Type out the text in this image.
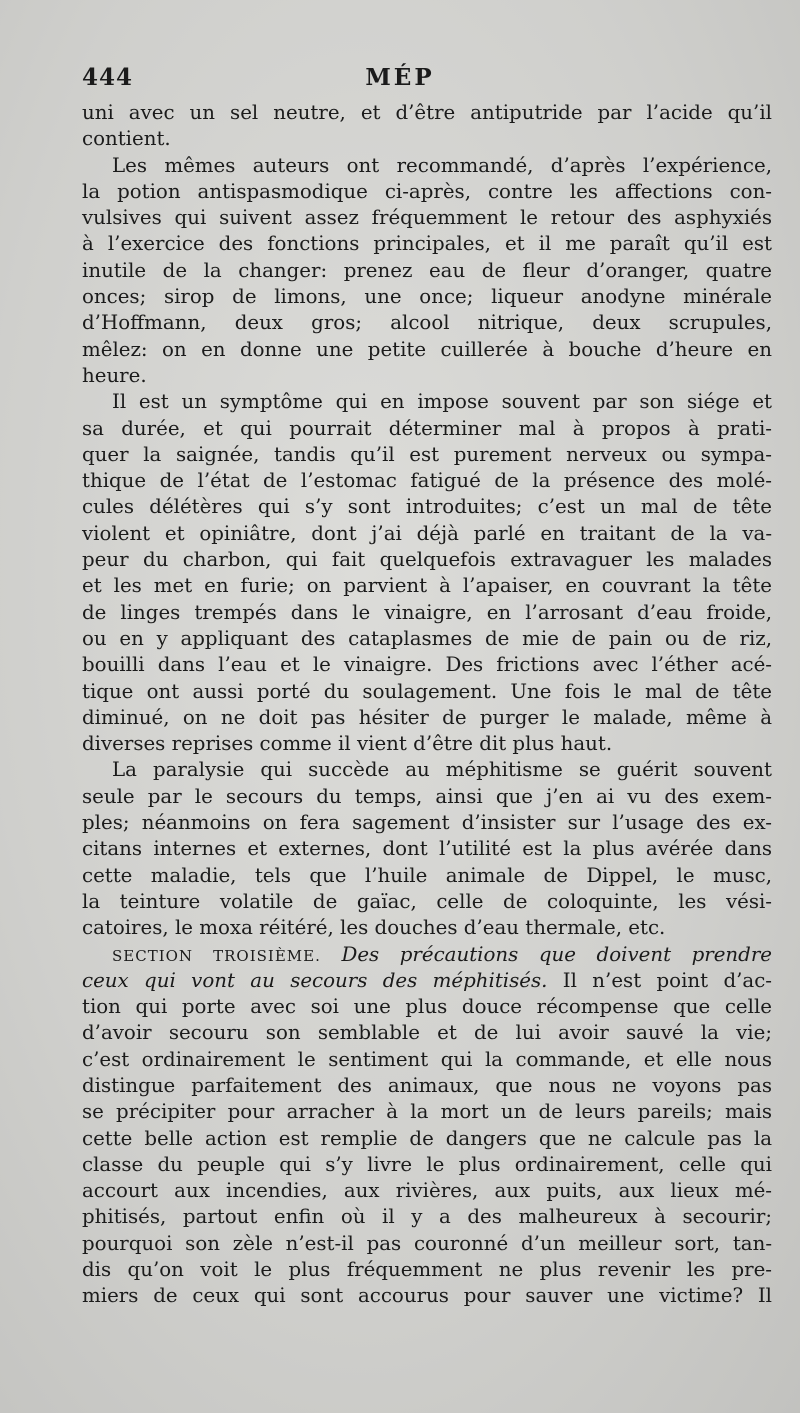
444	MÉP
uni avec un sel neutre, et d’être antiputride par l’acide qu’il
contient.
Les mêmes auteurs ont recommandé, d’après l’expérience,
la potion antispasmodique ci-après, contre les affections con-
vulsives qui suivent assez fréquemment le retour des asphyxiés
à l’exercice des fonctions principales, et il me paraît qu’il est
inutile de la changer: prenez eau de fleur d’oranger, quatre
onces; sirop de limons, une once; liqueur anodyne minérale
d’Hoffmann, deux gros; alcool nitrique, deux scrupules,
mêlez: on en donne une petite cuillerée à bouche d’heure en
heure.
Il est un symptôme qui en impose souvent par son siége et
sa durée, et qui pourrait déterminer mal à propos à prati-
quer la saignée, tandis qu’il est purement nerveux ou sympa-
thique de l’état de l’estomac fatigué de la présence des molé-
cules délétères qui s’y sont introduites; c’est un mal de tête
violent et opiniâtre, dont j’ai déjà parlé en traitant de la va-
peur du charbon, qui fait quelquefois extravaguer les malades
et les met en furie; on parvient à l’apaiser, en couvrant la tête
de linges trempés dans le vinaigre, en l’arrosant d’eau froide,
ou en y appliquant des cataplasmes de mie de pain ou de riz,
bouilli dans l’eau et le vinaigre. Des frictions avec l’éther acé-
tique ont aussi porté du soulagement. Une fois le mal de tête
diminué, on ne doit pas hésiter de purger le malade, même à
diverses reprises comme il vient d’être dit plus haut.
La paralysie qui succède au méphitisme se guérit souvent
seule par le secours du temps, ainsi que j’en ai vu des exem-
ples; néanmoins on fera sagement d’insister sur l’usage des ex-
citans internes et externes, dont l’utilité est la plus avérée dans
cette maladie, tels que l’huile animale de Dippel, le musc,
la teinture volatile de gaïac, celle de coloquinte, les vési-
catoires, le moxa réitéré, les douches d’eau thermale, etc.
SECTION TROISIÈME. Des précautions que doivent prendre
ceux qui vont au secours des méphitisés. Il n’est point d’ac-
tion qui porte avec soi une plus douce récompense que celle
d’avoir secouru son semblable et de lui avoir sauvé la vie;
c’est ordinairement le sentiment qui la commande, et elle nous
distingue parfaitement des animaux, que nous ne voyons pas
se précipiter pour arracher à la mort un de leurs pareils; mais
cette belle action est remplie de dangers que ne calcule pas la
classe du peuple qui s’y livre le plus ordinairement, celle qui
accourt aux incendies, aux rivières, aux puits, aux lieux mé-
phitisés, partout enfin où il y a des malheureux à secourir;
pourquoi son zèle n’est-il pas couronné d’un meilleur sort, tan-
dis qu’on voit le plus fréquemment ne plus revenir les pre-
miers de ceux qui sont accourus pour sauver une victime? Il
